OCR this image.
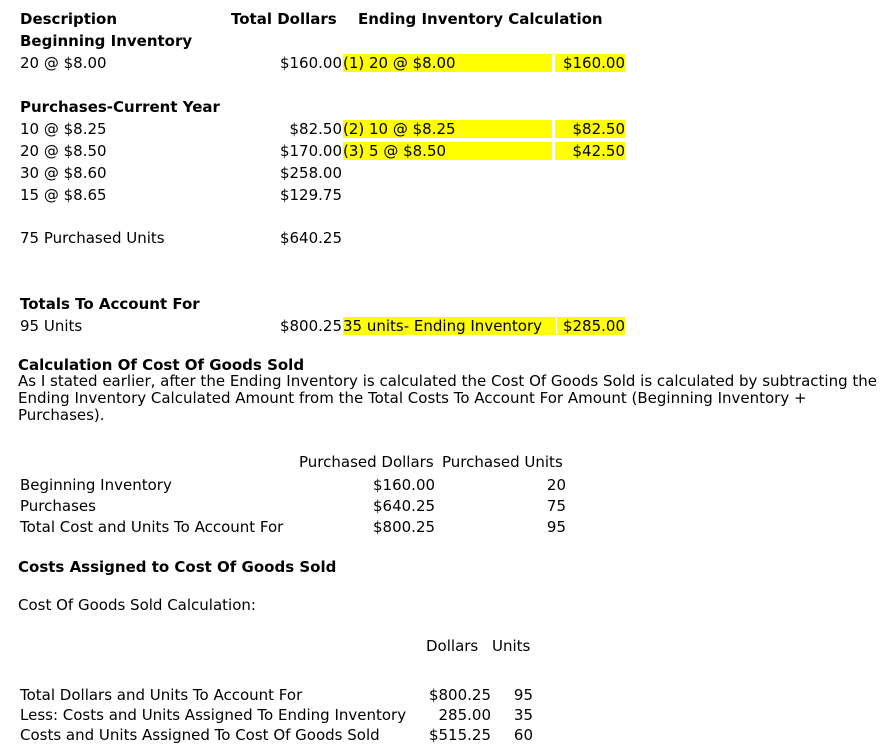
Description	Total Dollars Ending Inventory Calculation
Beginning Inventory
20 @ $8.00	$160.00 (1) 20 @ $8.00	$160.00
Purchases-Current Year
10 @ $8.25	$82.50 (2) 10 @ $8.25	$82.50
20 @ $8.50	$170.00 (3) 5 @ $8.50	$42.50
30 @ $8.60	$258.00
15 @ $8.65	$129.75
75 Purchased Units	$640.25
Totals To Account For
95 Units	$800.25 35 units- Ending Inventory	$285.00
Calculation Of Cost Of Goods Sold
As I stated earlier, after the Ending Inventory is calculated the Cost Of Goods Sold is calculated by subtracting the Ending Inventory Calculated Amount from the Total Costs To Account For Amount (Beginning Inventory + Purchases).
Purchased Dollars Purchased Units
Beginning Inventory	$160.00	20
Purchases	$640.25	75
Total Cost and Units To Account For	$800.25	95
Costs Assigned to Cost Of Goods Sold
Cost Of Goods Sold Calculation:
Dollars Units
Total Dollars and Units To Account For	$800.25	95
Less: Costs and Units Assigned To Ending Inventory	285.00	35
Costs and Units Assigned To Cost Of Goods Sold	$515.25	60
